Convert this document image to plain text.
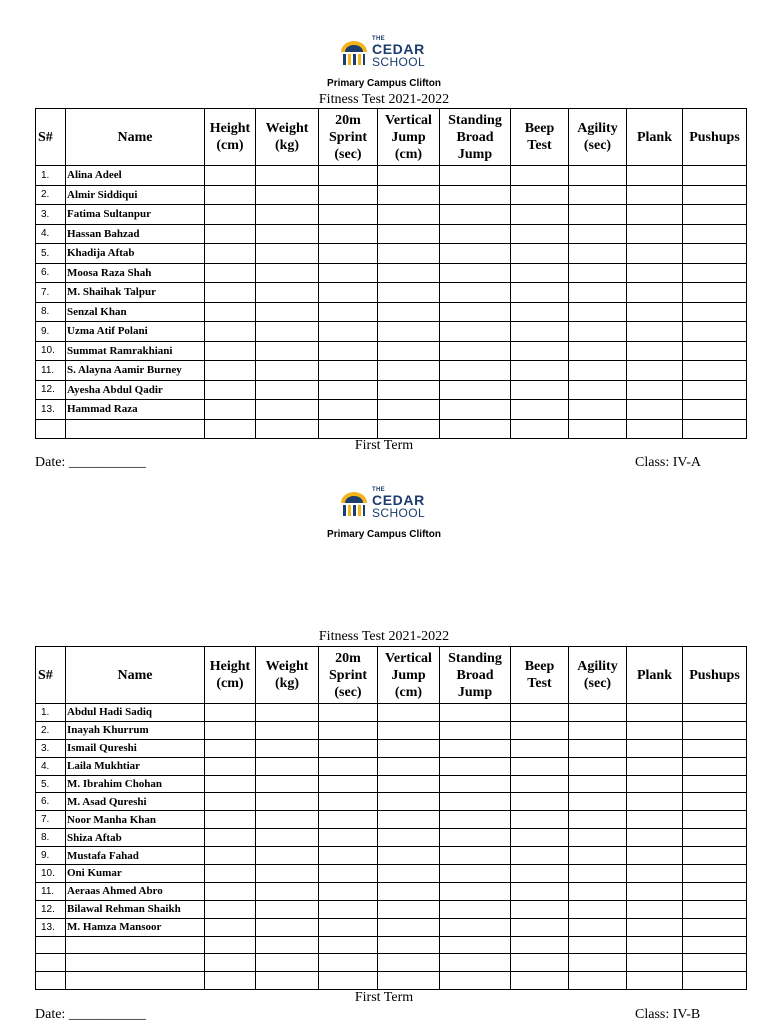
THE
CEDAR
SCHOOL
Primary Campus Clifton
Fitness Test 2021-2022
S#	Name	Height (cm)	Weight (kg)	20m Sprint (sec)	Vertical Jump (cm)	Standing Broad Jump	Beep Test	Agility (sec)	Plank	Pushups
1.	Alina Adeel									
2.	Almir Siddiqui									
3.	Fatima Sultanpur									
4.	Hassan Bahzad									
5.	Khadija Aftab									
6.	Moosa Raza Shah									
7.	M. Shaihak Talpur									
8.	Senzal Khan									
9.	Uzma Atif Polani									
10.	Summat Ramrakhiani									
11.	S. Alayna Aamir Burney									
12.	Ayesha Abdul Qadir									
13.	Hammad Raza									

First Term
Date: ___________	Class: IV-A
THE
CEDAR
SCHOOL
Primary Campus Clifton
Fitness Test 2021-2022
S#	Name	Height (cm)	Weight (kg)	20m Sprint (sec)	Vertical Jump (cm)	Standing Broad Jump	Beep Test	Agility (sec)	Plank	Pushups
1.	Abdul Hadi Sadiq									
2.	Inayah Khurrum									
3.	Ismail Qureshi									
4.	Laila Mukhtiar									
5.	M. Ibrahim Chohan									
6.	M. Asad Qureshi									
7.	Noor Manha Khan									
8.	Shiza Aftab									
9.	Mustafa Fahad									
10.	Oni Kumar									
11.	Aeraas Ahmed Abro									
12.	Bilawal Rehman Shaikh									
13.	M. Hamza Mansoor									

First Term
Date: ___________	Class: IV-B
